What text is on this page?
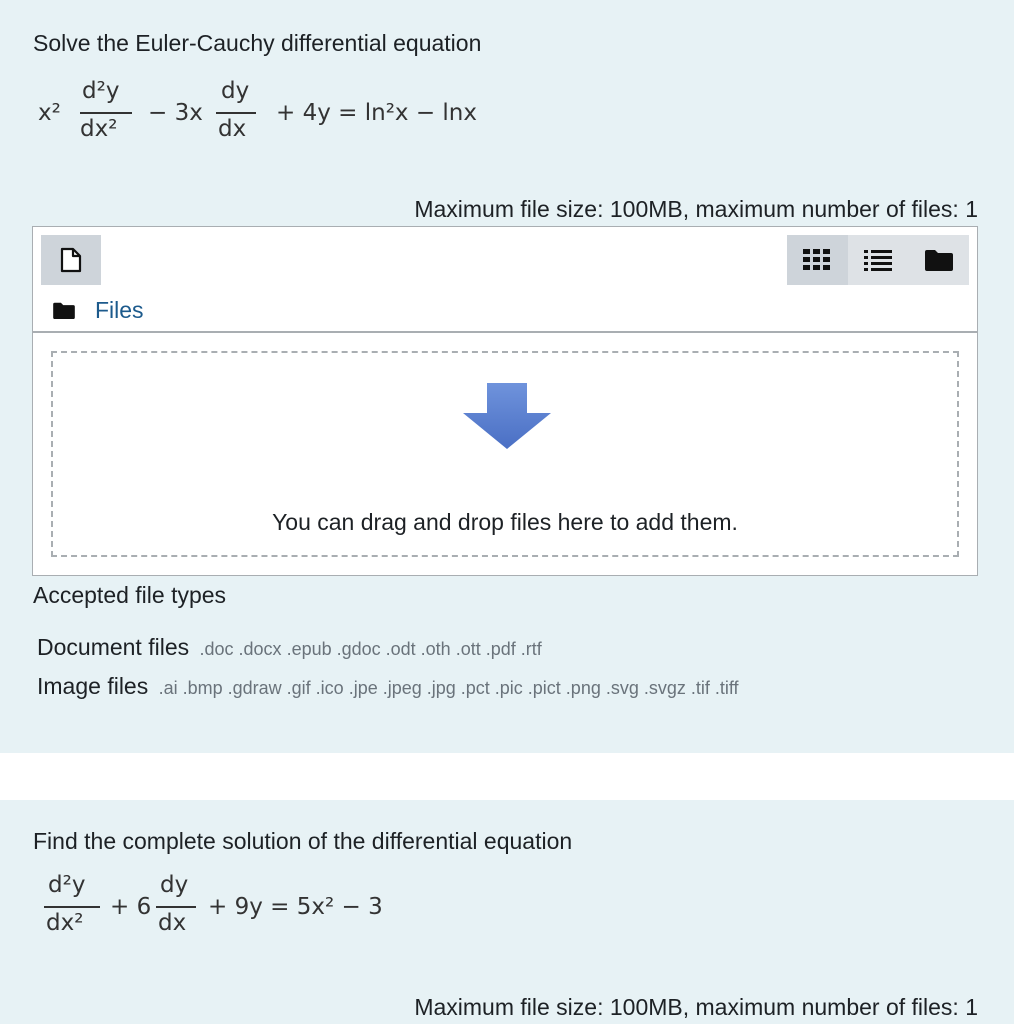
Solve the Euler-Cauchy differential equation
x²
d²y
dx²
− 3x
dy
dx
+ 4y = ln²x − lnx
Maximum file size: 100MB, maximum number of files: 1
Files
You can drag and drop files here to add them.
Accepted file types
Document files .doc .docx .epub .gdoc .odt .oth .ott .pdf .rtf
Image files .ai .bmp .gdraw .gif .ico .jpe .jpeg .jpg .pct .pic .pict .png .svg .svgz .tif .tiff
Find the complete solution of the differential equation
d²y
dx²
+ 6
dy
dx
+ 9y = 5x² − 3
Maximum file size: 100MB, maximum number of files: 1
